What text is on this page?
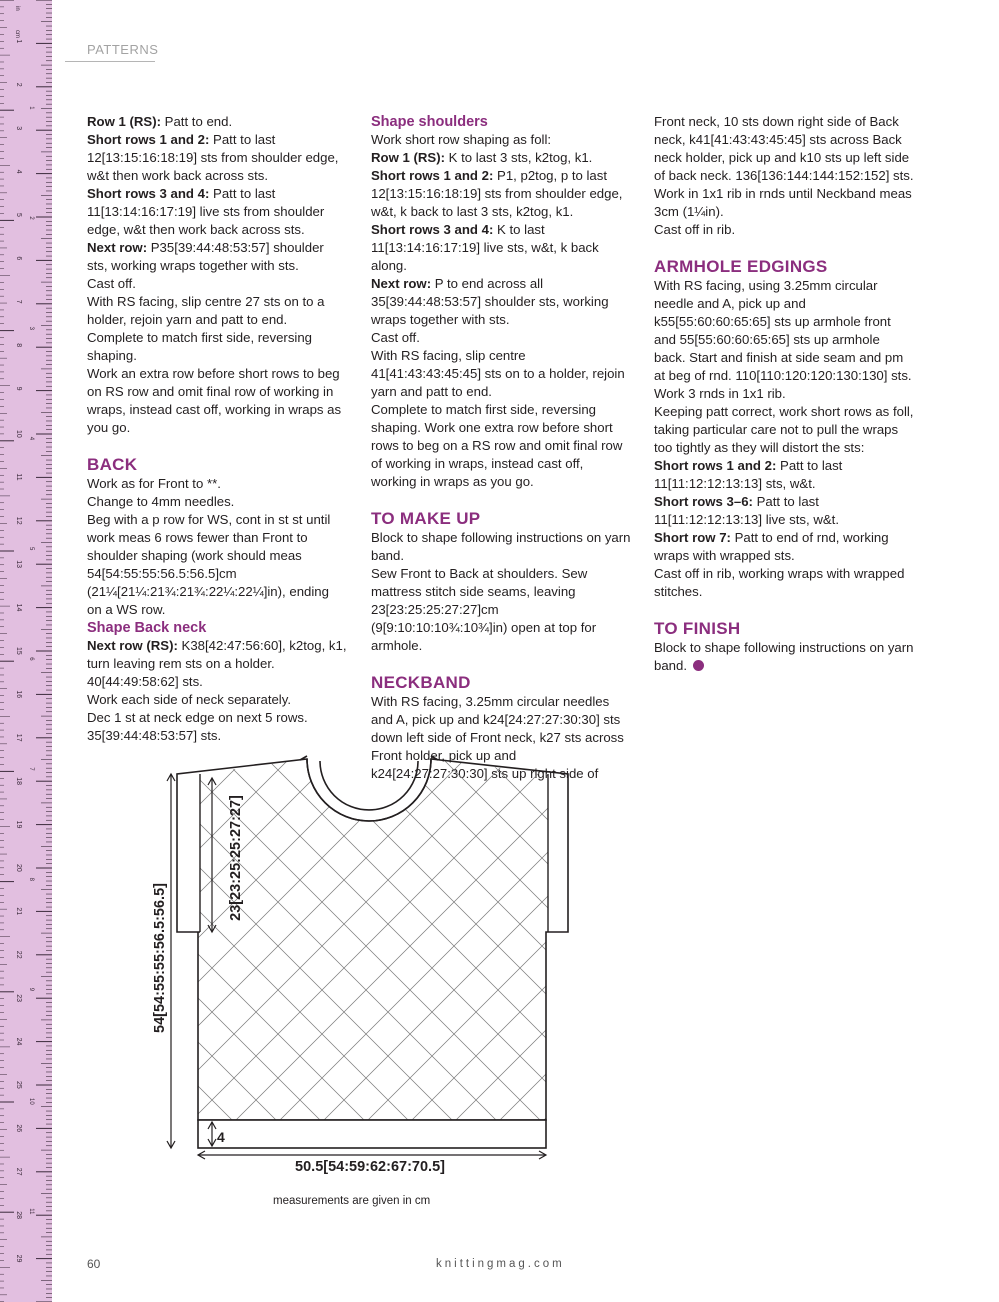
in
cm
1
2
3
4
5
6
7
8
9
10
11
12
13
14
15
16
17
18
19
20
21
22
23
24
25
26
27
28
29
1
2
3
4
5
6
7
8
9
10
11
PATTERNS

Row 1 (RS): Patt to end.

Short rows 1 and 2: Patt to last 12[13:15:16:18:19] sts from shoulder edge, w&t then work back across sts.

Short rows 3 and 4: Patt to last 11[13:14:16:17:19] live sts from shoulder edge, w&t then work back across sts.

Next row: P35[39:44:48:53:57] shoulder sts, working wraps together with sts.

Cast off.

With RS facing, slip centre 27 sts on to a holder, rejoin yarn and patt to end.

Complete to match first side, reversing shaping.

Work an extra row before short rows to beg on RS row and omit final row of working in wraps, instead cast off, working in wraps as you go.

BACK

Work as for Front to **.

Change to 4mm needles.

Beg with a p row for WS, cont in st st until work meas 6 rows fewer than Front to shoulder shaping (work should meas 54[54:55:55:56.5:56.5]cm (21¼[21¼:21¾:21¾:22¼:22¼]in), ending on a WS row.

Shape Back neck

Next row (RS): K38[42:47:56:60], k2tog, k1, turn leaving rem sts on a holder. 40[44:49:58:62] sts.

Work each side of neck separately.

Dec 1 st at neck edge on next 5 rows. 35[39:44:48:53:57] sts.

Shape shoulders

Work short row shaping as foll:

Row 1 (RS): K to last 3 sts, k2tog, k1.

Short rows 1 and 2: P1, p2tog, p to last 12[13:15:16:18:19] sts from shoulder edge, w&t, k back to last 3 sts, k2tog, k1.

Short rows 3 and 4: K to last 11[13:14:16:17:19] live sts, w&t, k back along.

Next row: P to end across all 35[39:44:48:53:57] shoulder sts, working wraps together with sts.

Cast off.

With RS facing, slip centre 41[41:43:43:45:45] sts on to a holder, rejoin yarn and patt to end.

Complete to match first side, reversing shaping. Work one extra row before short rows to beg on a RS row and omit final row of working in wraps, instead cast off, working in wraps as you go.

TO MAKE UP

Block to shape following instructions on yarn band.

Sew Front to Back at shoulders. Sew mattress stitch side seams, leaving 23[23:25:25:27:27]cm (9[9:10:10:10¾:10¾]in) open at top for armhole.

NECKBAND

With RS facing, 3.25mm circular needles and A, pick up and k24[24:27:27:30:30] sts down left side of Front neck, k27 sts across Front holder, pick up and k24[24:27:27:30:30] sts up right side of

Front neck, 10 sts down right side of Back neck, k41[41:43:43:45:45] sts across Back neck holder, pick up and k10 sts up left side of back neck. 136[136:144:144:152:152] sts.

Work in 1x1 rib in rnds until Neckband meas 3cm (1¼in).

Cast off in rib.

ARMHOLE EDGINGS

With RS facing, using 3.25mm circular needle and A, pick up and k55[55:60:60:65:65] sts up armhole front and 55[55:60:60:65:65] sts up armhole back. Start and finish at side seam and pm at beg of rnd. 110[110:120:120:130:130] sts.

Work 3 rnds in 1x1 rib.

Keeping patt correct, work short rows as foll, taking particular care not to pull the wraps too tightly as they will distort the sts:

Short rows 1 and 2: Patt to last 11[11:12:12:13:13] sts, w&t.

Short rows 3–6: Patt to last 11[11:12:12:13:13] live sts, w&t.

Short row 7: Patt to end of rnd, working wraps with wrapped sts.

Cast off in rib, working wraps with wrapped stitches.

TO FINISH

Block to shape following instructions on yarn band.

54[54:55:55:56.5:56.5]
23[23:25:25:27:27]
4
50.5[54:59:62:67:70.5]
measurements are given in cm
60	knittingmag.com
